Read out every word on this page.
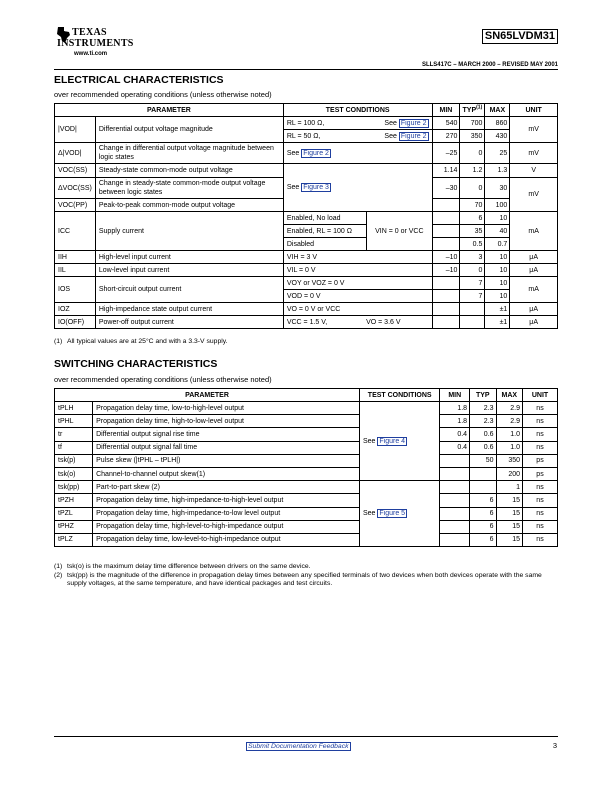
TEXAS
INSTRUMENTS
www.ti.com
SN65LVDM31
SLLS417C – MARCH 2000 – REVISED MAY 2001
ELECTRICAL CHARACTERISTICS
over recommended operating conditions (unless otherwise noted)
PARAMETER		TEST CONDITIONS		MIN	TYP$^{(1)}$	MAX	UNIT
|VOD|	Differential output voltage magnitude	RL = 100 Ω, See Figure 2		540	700	860	mV
		RL = 50 Ω, See Figure 2		270	350	430	
Δ|VOD|	Change in differential output voltage magnitude between logic states	See Figure 2		–25	0	25	mV
VOC(SS)	Steady-state common-mode output voltage	See Figure 3		1.14	1.2	1.3	V
ΔVOC(SS)	Change in steady-state common-mode output voltage between logic states			–30	0	30	mV
VOC(PP)	Peak-to-peak common-mode output voltage				70	100	
ICC	Supply current	Enabled, No load	VIN = 0 or VCC		6	10	mA
		Enabled, RL = 100 Ω			35	40	
		Disabled			0.5	0.7	
IIH	High-level input current	VIH = 3 V		–10	3	10	μA
IIL	Low-level input current	VIL = 0 V		–10	0	10	μA
IOS	Short-circuit output current	VOY or VOZ = 0 V			7	10	mA
		VOD = 0 V			7	10	
IOZ	High-impedance state output current	VO = 0 V or VCC				±1	μA
IO(OFF)	Power-off output current	VCC = 1.5 V, VO = 3.6 V				±1	μA
(1) All typical values are at 25°C and with a 3.3-V supply.
SWITCHING CHARACTERISTICS
over recommended operating conditions (unless otherwise noted)
PARAMETER		TEST CONDITIONS	MIN	TYP	MAX	UNIT
tPLH	Propagation delay time, low-to-high-level output	See Figure 4	1.8	2.3	2.9	ns
tPHL	Propagation delay time, high-to-low-level output		1.8	2.3	2.9	ns
tr	Differential output signal rise time		0.4	0.6	1.0	ns
tf	Differential output signal fall time		0.4	0.6	1.0	ns
tsk(p)	Pulse skew (|tPHL – tPLH|)			50	350	ps
tsk(o)	Channel-to-channel output skew(1)				200	ps
tsk(pp)	Part-to-part skew (2)	See Figure 5			1	ns
tPZH	Propagation delay time, high-impedance-to-high-level output			6	15	ns
tPZL	Propagation delay time, high-impedance-to-low level output			6	15	ns
tPHZ	Propagation delay time, high-level-to-high-impedance output			6	15	ns
tPLZ	Propagation delay time, low-level-to-high-impedance output			6	15	ns
(1) tsk(o) is the maximum delay time difference between drivers on the same device.
(2) tsk(pp) is the magnitude of the difference in propagation delay times between any specified terminals of two devices when both devices operate with the same supply voltages, at the same temperature, and have identical packages and test circuits.
Submit Documentation Feedback	3
